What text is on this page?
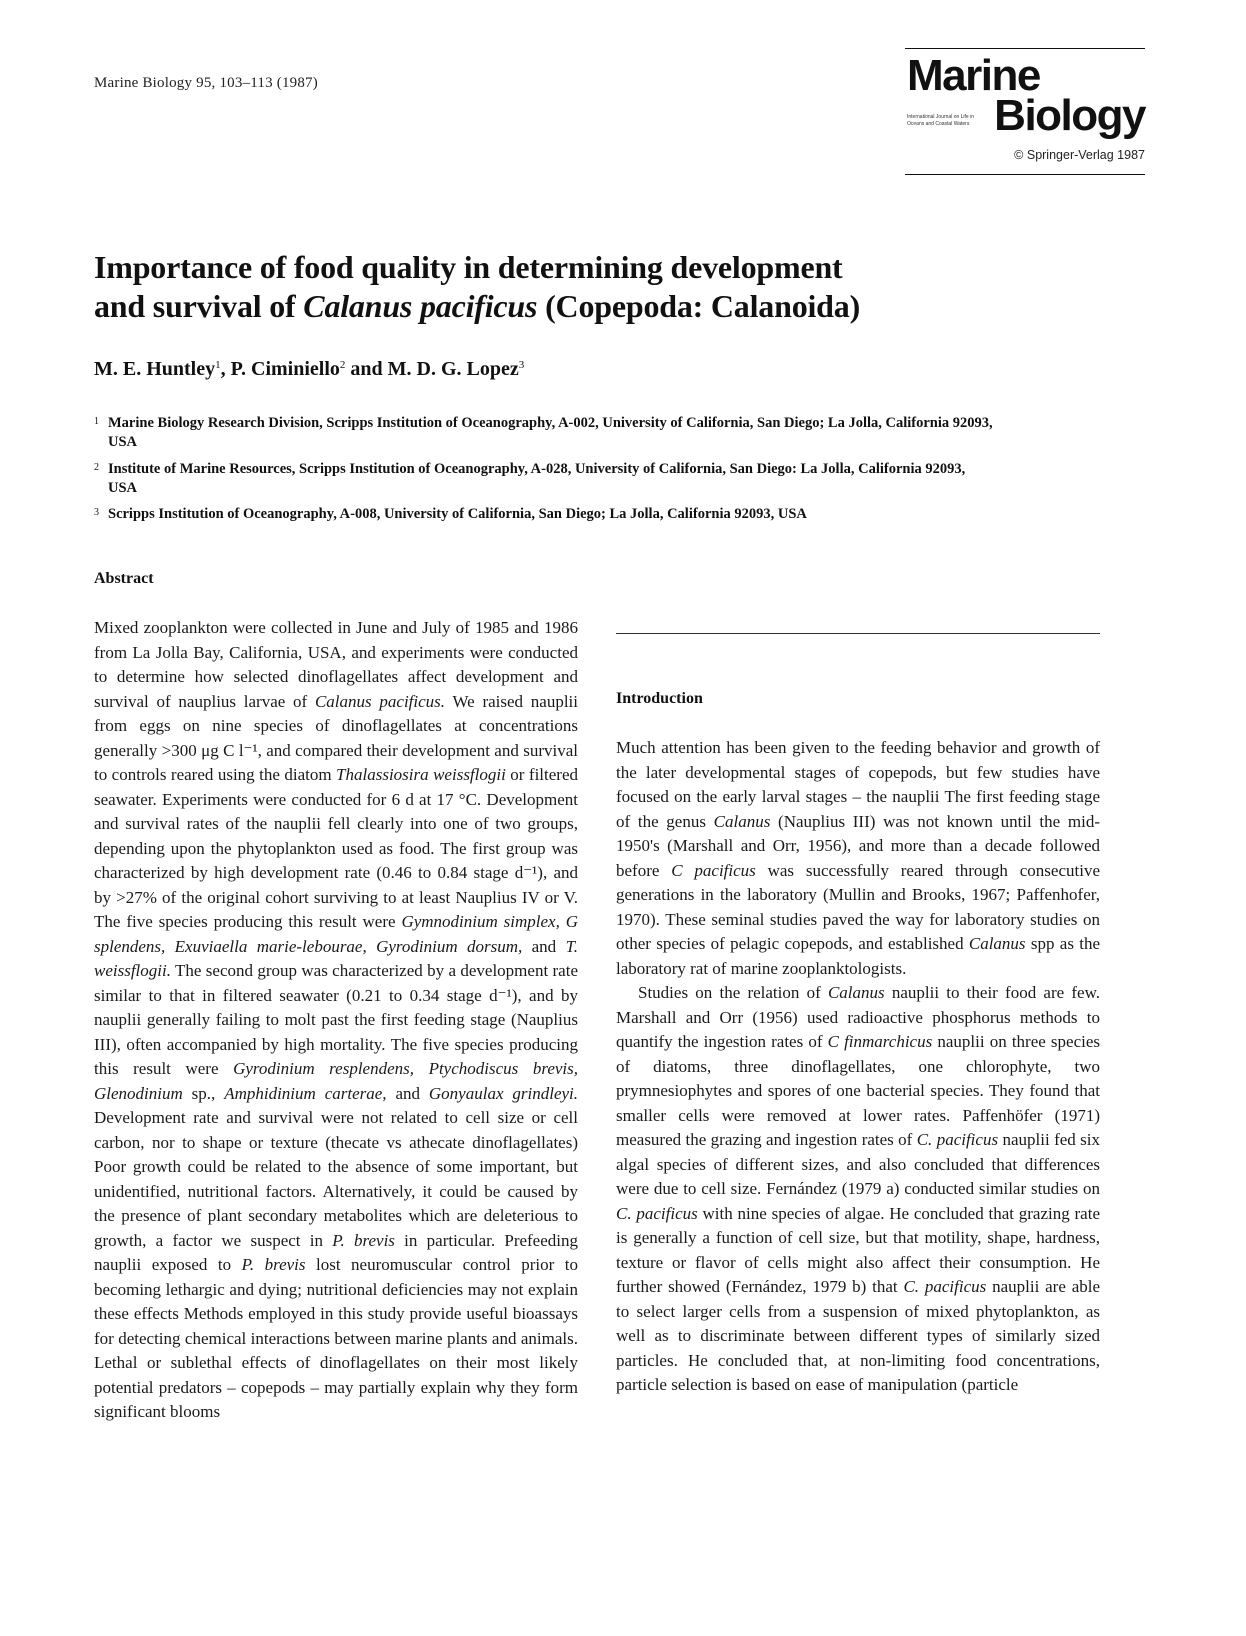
Marine Biology 95, 103–113 (1987)	Marine
International Journal on Life in Oceans and Coastal Waters Biology
© Springer-Verlag 1987
Importance of food quality in determining development
and survival of Calanus pacificus (Copepoda: Calanoida)
M. E. Huntley$^1$, P. Ciminiello$^2$ and M. D. G. Lopez$^3$
1 Marine Biology Research Division, Scripps Institution of Oceanography, A-002, University of California, San Diego; La Jolla, California 92093, USA
2 Institute of Marine Resources, Scripps Institution of Oceanography, A-028, University of California, San Diego: La Jolla, California 92093, USA
3 Scripps Institution of Oceanography, A-008, University of California, San Diego; La Jolla, California 92093, USA
Abstract

Mixed zooplankton were collected in June and July of 1985 and 1986 from La Jolla Bay, California, USA, and experiments were conducted to determine how selected dinoflagellates affect development and survival of nauplius larvae of Calanus pacificus. We raised nauplii from eggs on nine species of dinoflagellates at concentrations generally >300 μg C l⁻¹, and compared their development and survival to controls reared using the diatom Thalassiosira weissflogii or filtered seawater. Experiments were conducted for 6 d at 17 °C. Development and survival rates of the nauplii fell clearly into one of two groups, depending upon the phytoplankton used as food. The first group was characterized by high development rate (0.46 to 0.84 stage d⁻¹), and by >27% of the original cohort surviving to at least Nauplius IV or V. The five species producing this result were Gymnodinium simplex, G splendens, Exuviaella marie-lebourae, Gyrodinium dorsum, and T. weissflogii. The second group was characterized by a development rate similar to that in filtered seawater (0.21 to 0.34 stage d⁻¹), and by nauplii generally failing to molt past the first feeding stage (Nauplius III), often accompanied by high mortality. The five species producing this result were Gyrodinium resplendens, Ptychodiscus brevis, Glenodinium sp., Amphidinium carterae, and Gonyaulax grindleyi. Development rate and survival were not related to cell size or cell carbon, nor to shape or texture (thecate vs athecate dinoflagellates) Poor growth could be related to the absence of some important, but unidentified, nutritional factors. Alternatively, it could be caused by the presence of plant secondary metabolites which are deleterious to growth, a factor we suspect in P. brevis in particular. Prefeeding nauplii exposed to P. brevis lost neuromuscular control prior to becoming lethargic and dying; nutritional deficiencies may not explain these effects Methods employed in this study provide useful bioassays for detecting chemical interactions between marine plants and animals. Lethal or sublethal effects of dinoflagellates on their most likely potential predators – copepods – may partially explain why they form significant blooms

Introduction

Much attention has been given to the feeding behavior and growth of the later developmental stages of copepods, but few studies have focused on the early larval stages – the nauplii The first feeding stage of the genus Calanus (Nauplius III) was not known until the mid-1950's (Marshall and Orr, 1956), and more than a decade followed before C pacificus was successfully reared through consecutive generations in the laboratory (Mullin and Brooks, 1967; Paffenhofer, 1970). These seminal studies paved the way for laboratory studies on other species of pelagic copepods, and established Calanus spp as the laboratory rat of marine zooplanktologists.

Studies on the relation of Calanus nauplii to their food are few. Marshall and Orr (1956) used radioactive phosphorus methods to quantify the ingestion rates of C finmarchicus nauplii on three species of diatoms, three dinoflagellates, one chlorophyte, two prymnesiophytes and spores of one bacterial species. They found that smaller cells were removed at lower rates. Paffenhöfer (1971) measured the grazing and ingestion rates of C. pacificus nauplii fed six algal species of different sizes, and also concluded that differences were due to cell size. Fernández (1979 a) conducted similar studies on C. pacificus with nine species of algae. He concluded that grazing rate is generally a function of cell size, but that motility, shape, hardness, texture or flavor of cells might also affect their consumption. He further showed (Fernández, 1979 b) that C. pacificus nauplii are able to select larger cells from a suspension of mixed phytoplankton, as well as to discriminate between different types of similarly sized particles. He concluded that, at non-limiting food concentrations, particle selection is based on ease of manipulation (particle
